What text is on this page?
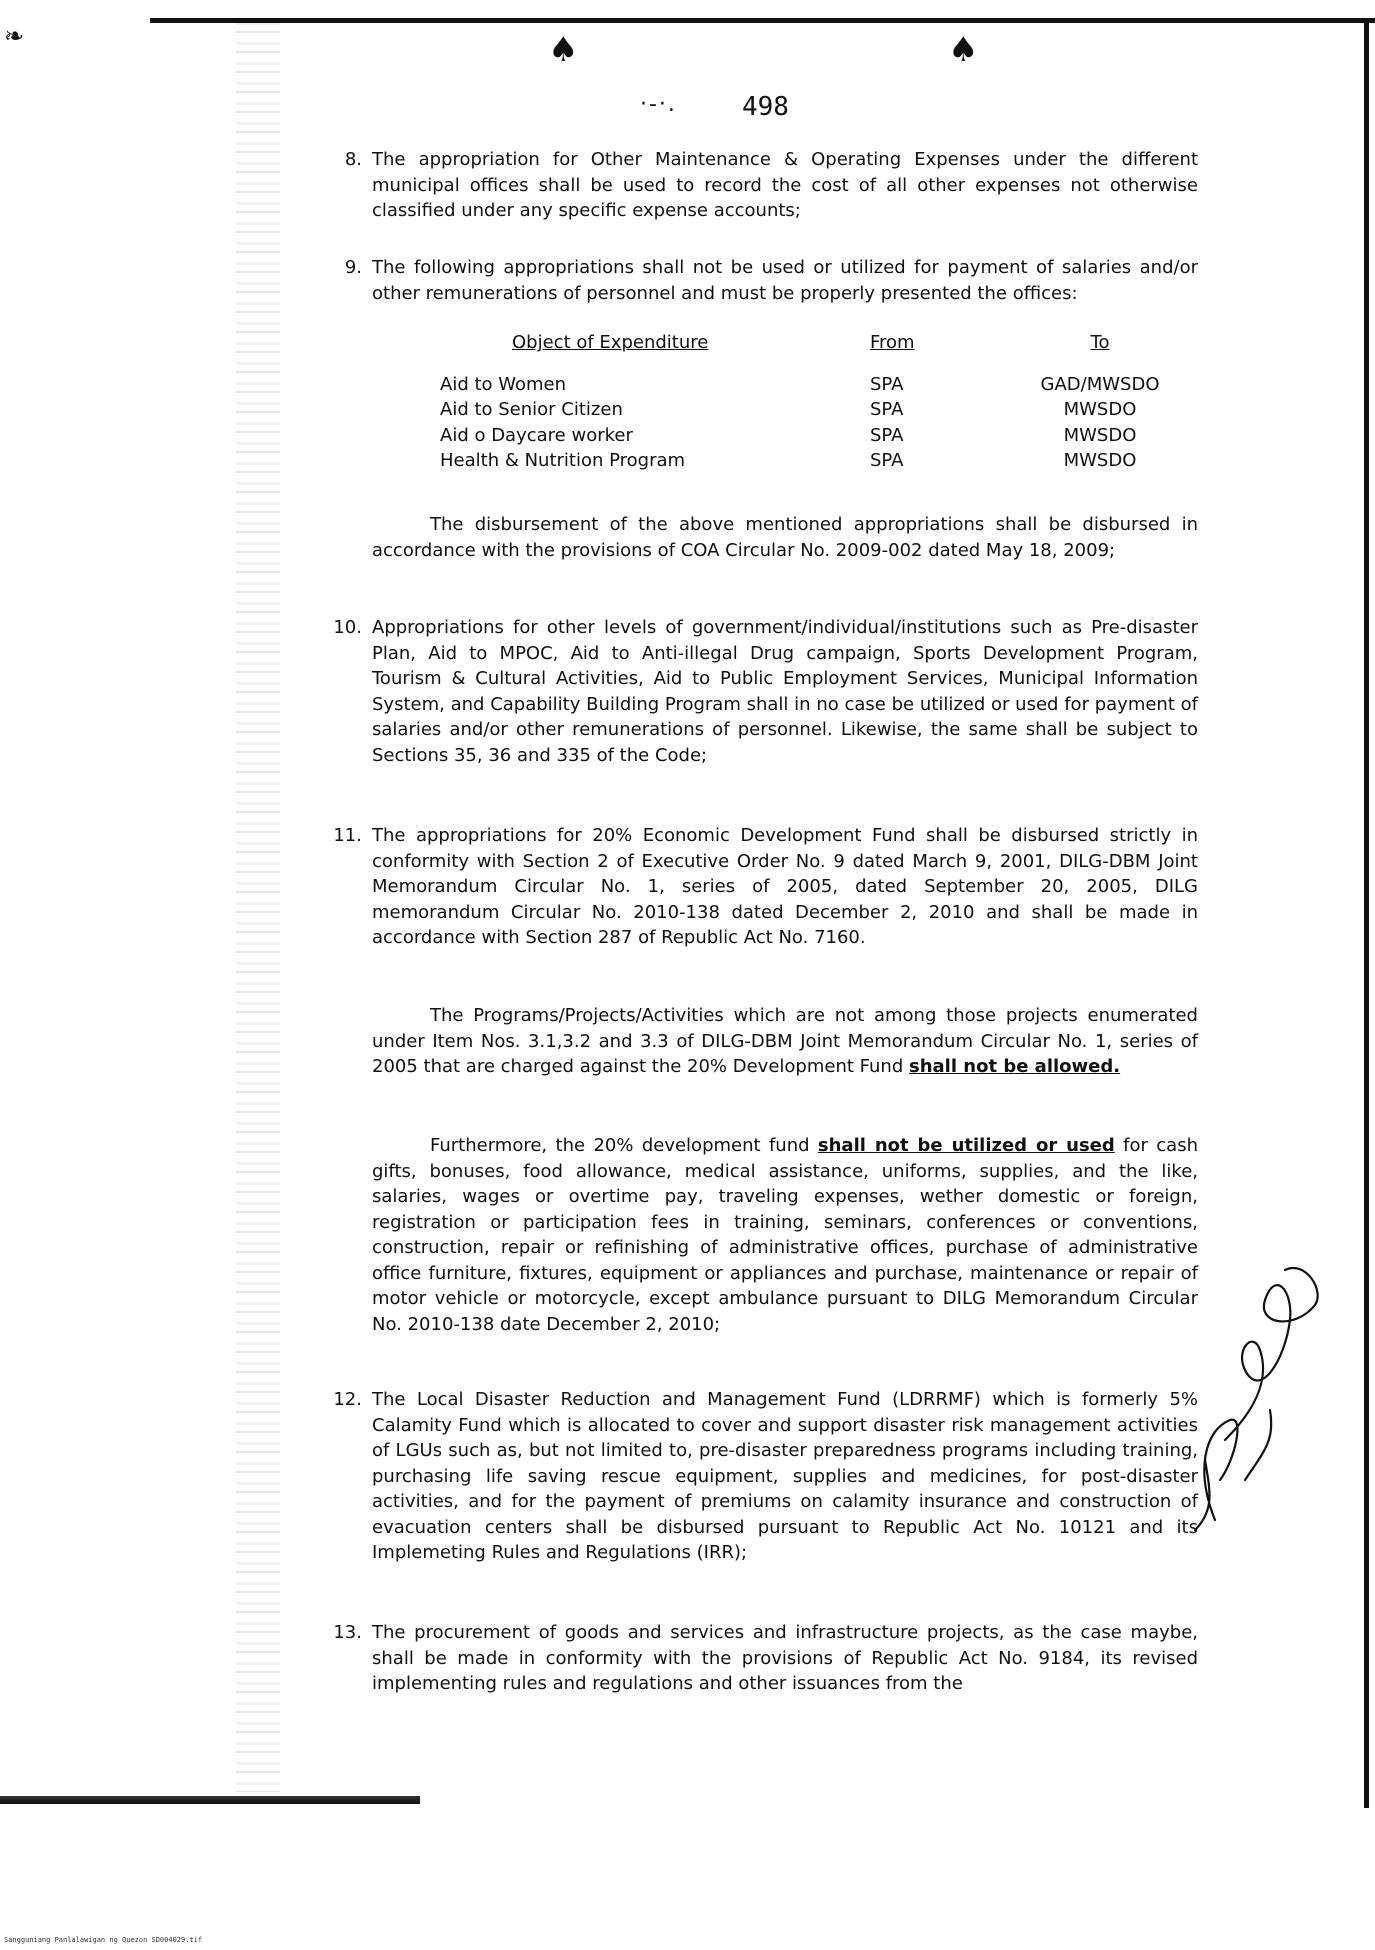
❧	♠	♠
·-·.	498
8. The appropriation for Other Maintenance & Operating Expenses under the different municipal offices shall be used to record the cost of all other expenses not otherwise classified under any specific expense accounts;

9. The following appropriations shall not be used or utilized for payment of salaries and/or other remunerations of personnel and must be properly presented the offices:

Object of Expenditure	From	To
Aid to Women	SPA	GAD/MWSDO
Aid to Senior Citizen	SPA	MWSDO
Aid o Daycare worker	SPA	MWSDO
Health & Nutrition Program	SPA	MWSDO

The disbursement of the above mentioned appropriations shall be disbursed in accordance with the provisions of COA Circular No. 2009-002 dated May 18, 2009;

10. Appropriations for other levels of government/individual/institutions such as Pre-disaster Plan, Aid to MPOC, Aid to Anti-illegal Drug campaign, Sports Development Program, Tourism & Cultural Activities, Aid to Public Employment Services, Municipal Information System, and Capability Building Program shall in no case be utilized or used for payment of salaries and/or other remunerations of personnel. Likewise, the same shall be subject to Sections 35, 36 and 335 of the Code;

11. The appropriations for 20% Economic Development Fund shall be disbursed strictly in conformity with Section 2 of Executive Order No. 9 dated March 9, 2001, DILG-DBM Joint Memorandum Circular No. 1, series of 2005, dated September 20, 2005, DILG memorandum Circular No. 2010-138 dated December 2, 2010 and shall be made in accordance with Section 287 of Republic Act No. 7160.

The Programs/Projects/Activities which are not among those projects enumerated under Item Nos. 3.1,3.2 and 3.3 of DILG-DBM Joint Memorandum Circular No. 1, series of 2005 that are charged against the 20% Development Fund shall not be allowed.

Furthermore, the 20% development fund shall not be utilized or used for cash gifts, bonuses, food allowance, medical assistance, uniforms, supplies, and the like, salaries, wages or overtime pay, traveling expenses, wether domestic or foreign, registration or participation fees in training, seminars, conferences or conventions, construction, repair or refinishing of administrative offices, purchase of administrative office furniture, fixtures, equipment or appliances and purchase, maintenance or repair of motor vehicle or motorcycle, except ambulance pursuant to DILG Memorandum Circular No. 2010-138 date December 2, 2010;

12. The Local Disaster Reduction and Management Fund (LDRRMF) which is formerly 5% Calamity Fund which is allocated to cover and support disaster risk management activities of LGUs such as, but not limited to, pre-disaster preparedness programs including training, purchasing life saving rescue equipment, supplies and medicines, for post-disaster activities, and for the payment of premiums on calamity insurance and construction of evacuation centers shall be disbursed pursuant to Republic Act No. 10121 and its Implemeting Rules and Regulations (IRR);

13. The procurement of goods and services and infrastructure projects, as the case maybe, shall be made in conformity with the provisions of Republic Act No. 9184, its revised implementing rules and regulations and other issuances from the

Sangguniang Panlalawigan ng Quezon SD004029.tif
